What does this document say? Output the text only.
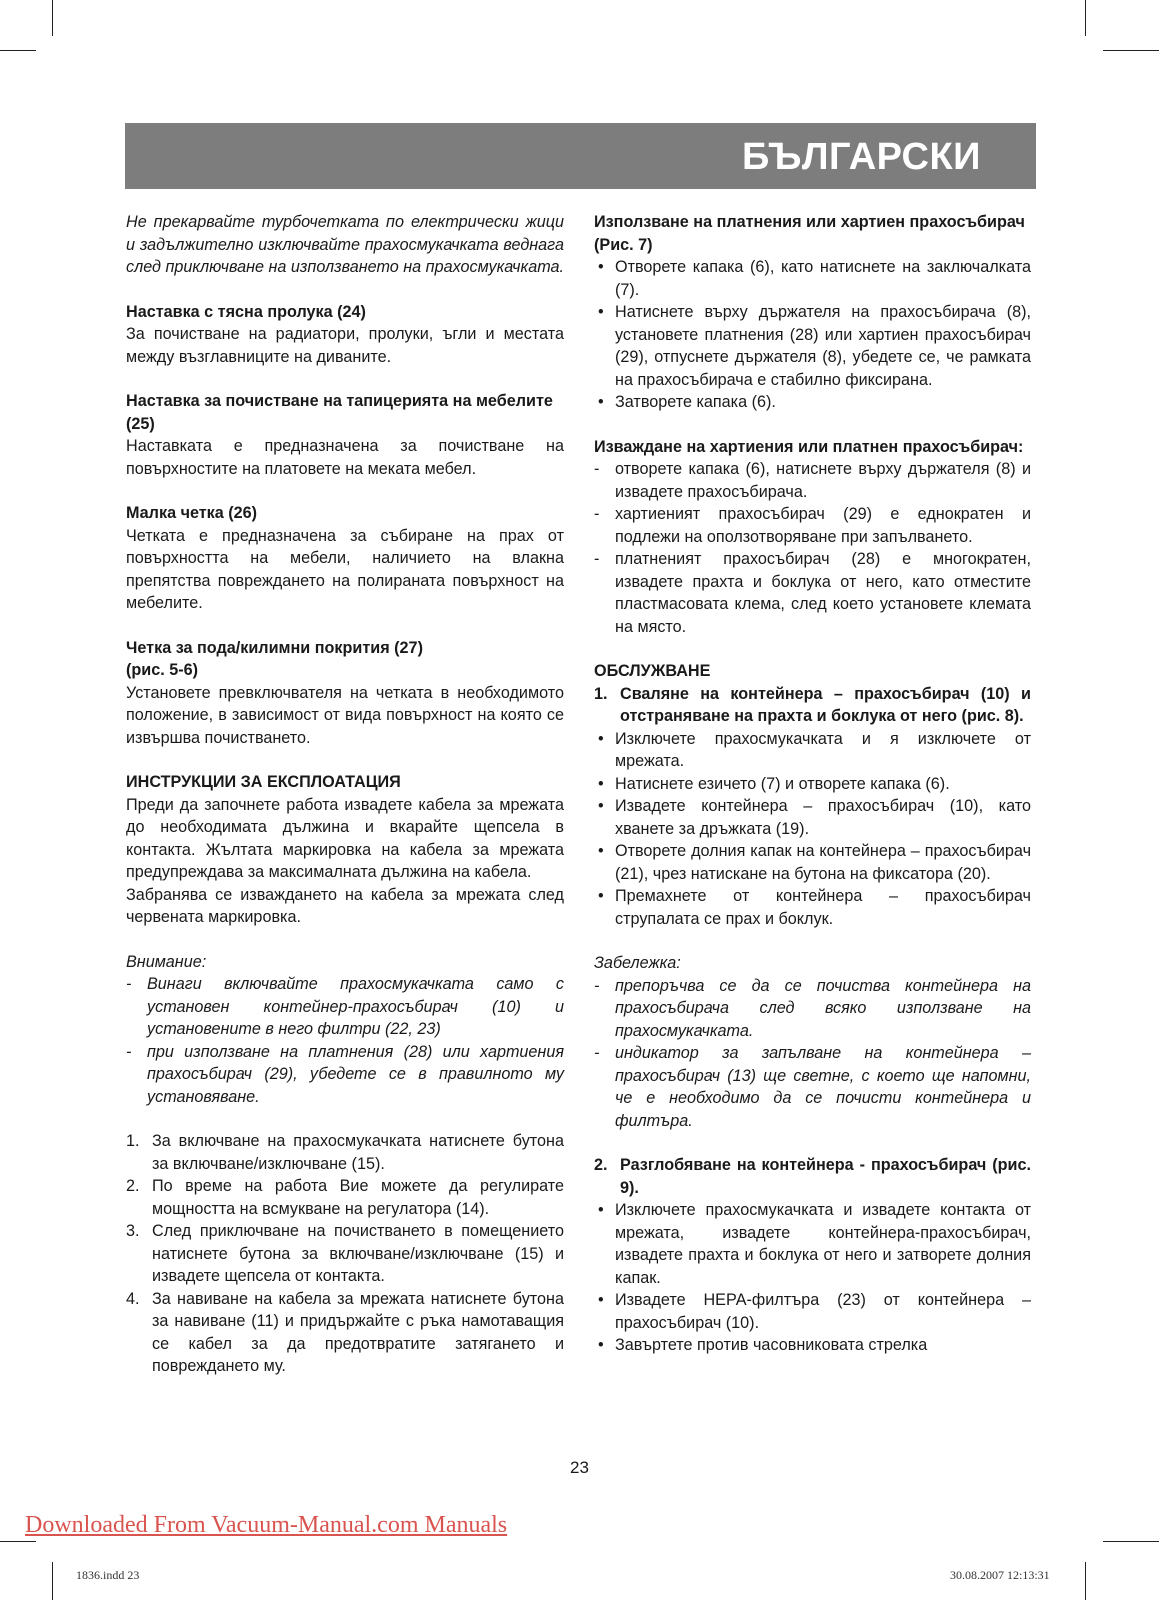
БЪЛГАРСКИ

Не прекарвайте турбочетката по електрически жици и задължително изключвайте прахосмукачката веднага след приключване на използването на прахосмукачката.

Наставка с тясна пролука (24)

За почистване на радиатори, пролуки, ъгли и местата между възглавниците на диваните.

Наставка за почистване на тапицерията на мебелите (25)

Наставката е предназначена за почистване на повърхностите на платовете на меката мебел.

Малка четка (26)

Четката е предназначена за събиране на прах от повърхността на мебели, наличието на влакна препятства повреждането на полираната повърхност на мебелите.

Четка за пода/килимни покрития (27)

(рис. 5-6)

Установете превключвателя на четката в необходимото положение, в зависимост от вида повърхност на която се извършва почистването.

ИНСТРУКЦИИ ЗА ЕКСПЛОАТАЦИЯ

Преди да започнете работа извадете кабела за мрежата до необходимата дължина и вкарайте щепсела в контакта. Жълтата маркировка на кабела за мрежата предупреждава за максималната дължина на кабела.

Забранява се изваждането на кабела за мрежата след червената маркировка.

Внимание:

- Винаги включвайте прахосмукачката само с установен контейнер-прахосъбирач (10) и установените в него филтри (22, 23)

- при използване на платнения (28) или хартиения прахосъбирач (29), убедете се в правилното му установяване.

1. За включване на прахосмукачката натиснете бутона за включване/изключване (15).

2. По време на работа Вие можете да регулирате мощността на всмукване на регулатора (14).

3. След приключване на почистването в помещението натиснете бутона за включване/изключване (15) и извадете щепсела от контакта.

4. За навиване на кабела за мрежата натиснете бутона за навиване (11) и придържайте с ръка намотаващия се кабел за да предотвратите затягането и повреждането му.

Използване на платнения или хартиен прахосъбирач (Рис. 7)

• Отворете капака (6), като натиснете на заключалката (7).

• Натиснете върху държателя на прахосъбирача (8), установете платнения (28) или хартиен прахосъбирач (29), отпуснете държателя (8), убедете се, че рамката на прахосъбирача е стабилно фиксирана.

• Затворете капака (6).

Изваждане на хартиения или платнен прахосъбирач:

- отворете капака (6), натиснете върху държателя (8) и извадете прахосъбирача.

- хартиеният прахосъбирач (29) е еднократен и подлежи на оползотворяване при запълването.

- платненият прахосъбирач (28) е многократен, извадете прахта и боклука от него, като отместите пластмасовата клема, след което установете клемата на място.

ОБСЛУЖВАНЕ

1. Сваляне на контейнера – прахосъбирач (10) и отстраняване на прахта и боклука от него (рис. 8).

• Изключете прахосмукачката и я изключете от мрежата.

• Натиснете езичето (7) и отворете капака (6).

• Извадете контейнера – прахосъбирач (10), като хванете за дръжката (19).

• Отворете долния капак на контейнера – прахосъбирач (21), чрез натискане на бутона на фиксатора (20).

• Премахнете от контейнера – прахосъбирач струпалата се прах и боклук.

Забележка:

- препоръчва се да се почиства контейнера на прахосъбирача след всяко използване на прахосмукачката.

- индикатор за запълване на контейнера – прахосъбирач (13) ще светне, с което ще напомни, че е необходимо да се почисти контейнера и филтъра.

2. Разглобяване на контейнера - прахосъбирач (рис. 9).

• Изключете прахосмукачката и извадете контакта от мрежата, извадете контейнера-прахосъбирач, извадете прахта и боклука от него и затворете долния капак.

• Извадете НЕРА-филтъра (23) от контейнера – прахосъбирач (10).

• Завъртете против часовниковата стрелка

23
Downloaded From Vacuum-Manual.com Manuals
1836.indd 23	30.08.2007 12:13:31
